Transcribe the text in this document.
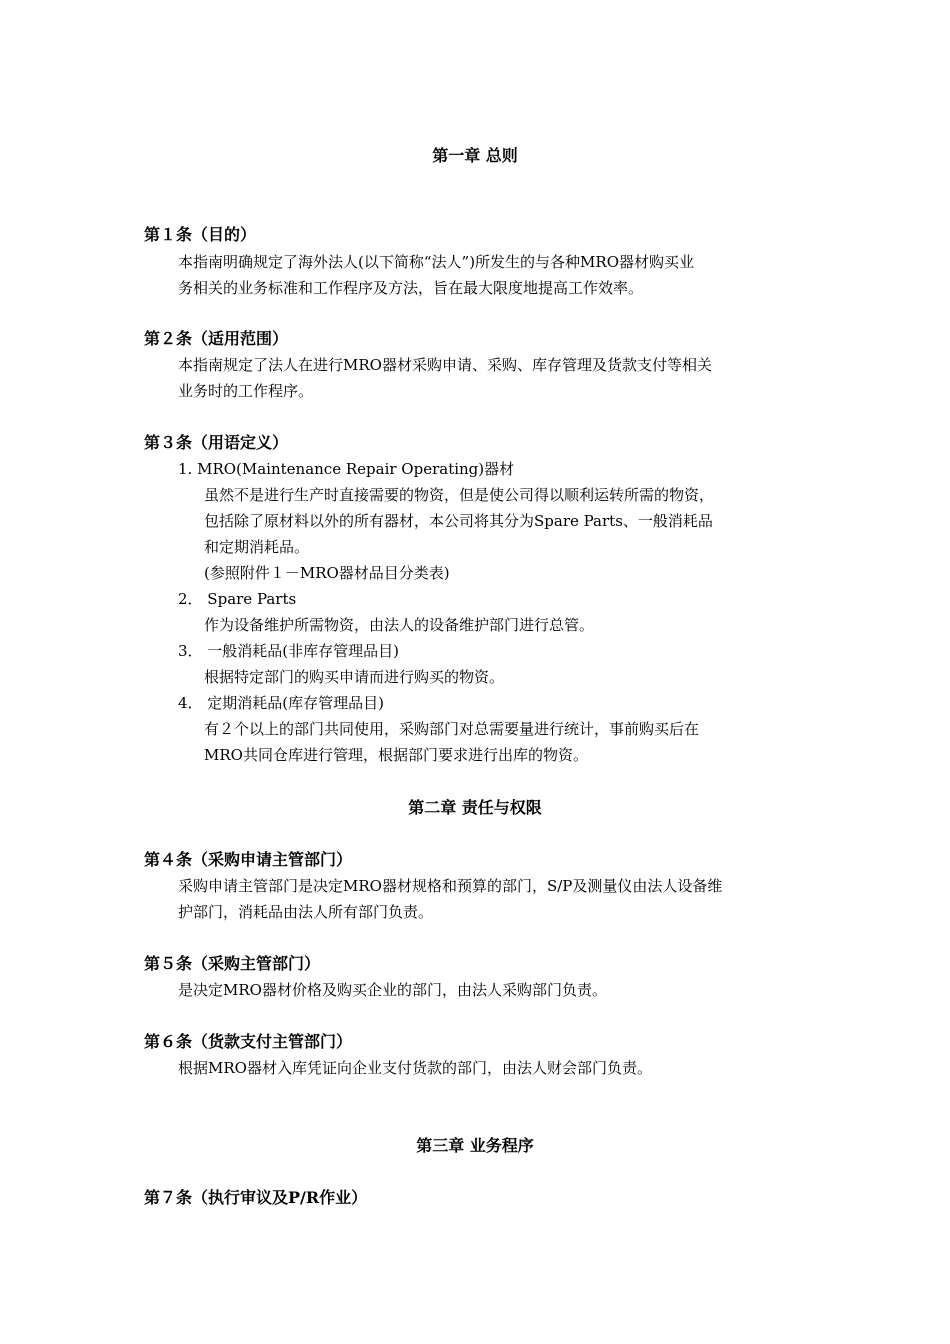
第一章 总则
第１条（目的）

本指南明确规定了海外法人(以下简称“法人”)所发生的与各种MRO器材购买业

务相关的业务标准和工作程序及方法，旨在最大限度地提高工作效率。

第２条（适用范围）

本指南规定了法人在进行MRO器材采购申请、采购、库存管理及货款支付等相关

业务时的工作程序。

第３条（用语定义）

1. MRO(Maintenance Repair Operating)器材

虽然不是进行生产时直接需要的物资，但是使公司得以顺利运转所需的物资，

包括除了原材料以外的所有器材，本公司将其分为Spare Parts、一般消耗品

和定期消耗品。

(参照附件１－MRO器材品目分类表)

2． Spare Parts

作为设备维护所需物资，由法人的设备维护部门进行总管。

3． 一般消耗品(非库存管理品目)

根据特定部门的购买申请而进行购买的物资。

4． 定期消耗品(库存管理品目)

有２个以上的部门共同使用，采购部门对总需要量进行统计，事前购买后在

MRO共同仓库进行管理，根据部门要求进行出库的物资。

第二章 责任与权限
第４条（采购申请主管部门）

采购申请主管部门是决定MRO器材规格和预算的部门，S/P及测量仪由法人设备维

护部门，消耗品由法人所有部门负责。

第５条（采购主管部门）

是决定MRO器材价格及购买企业的部门，由法人采购部门负责。

第６条（货款支付主管部门）

根据MRO器材入库凭证向企业支付货款的部门，由法人财会部门负责。

第三章 业务程序
第７条（执行审议及P/R作业）
